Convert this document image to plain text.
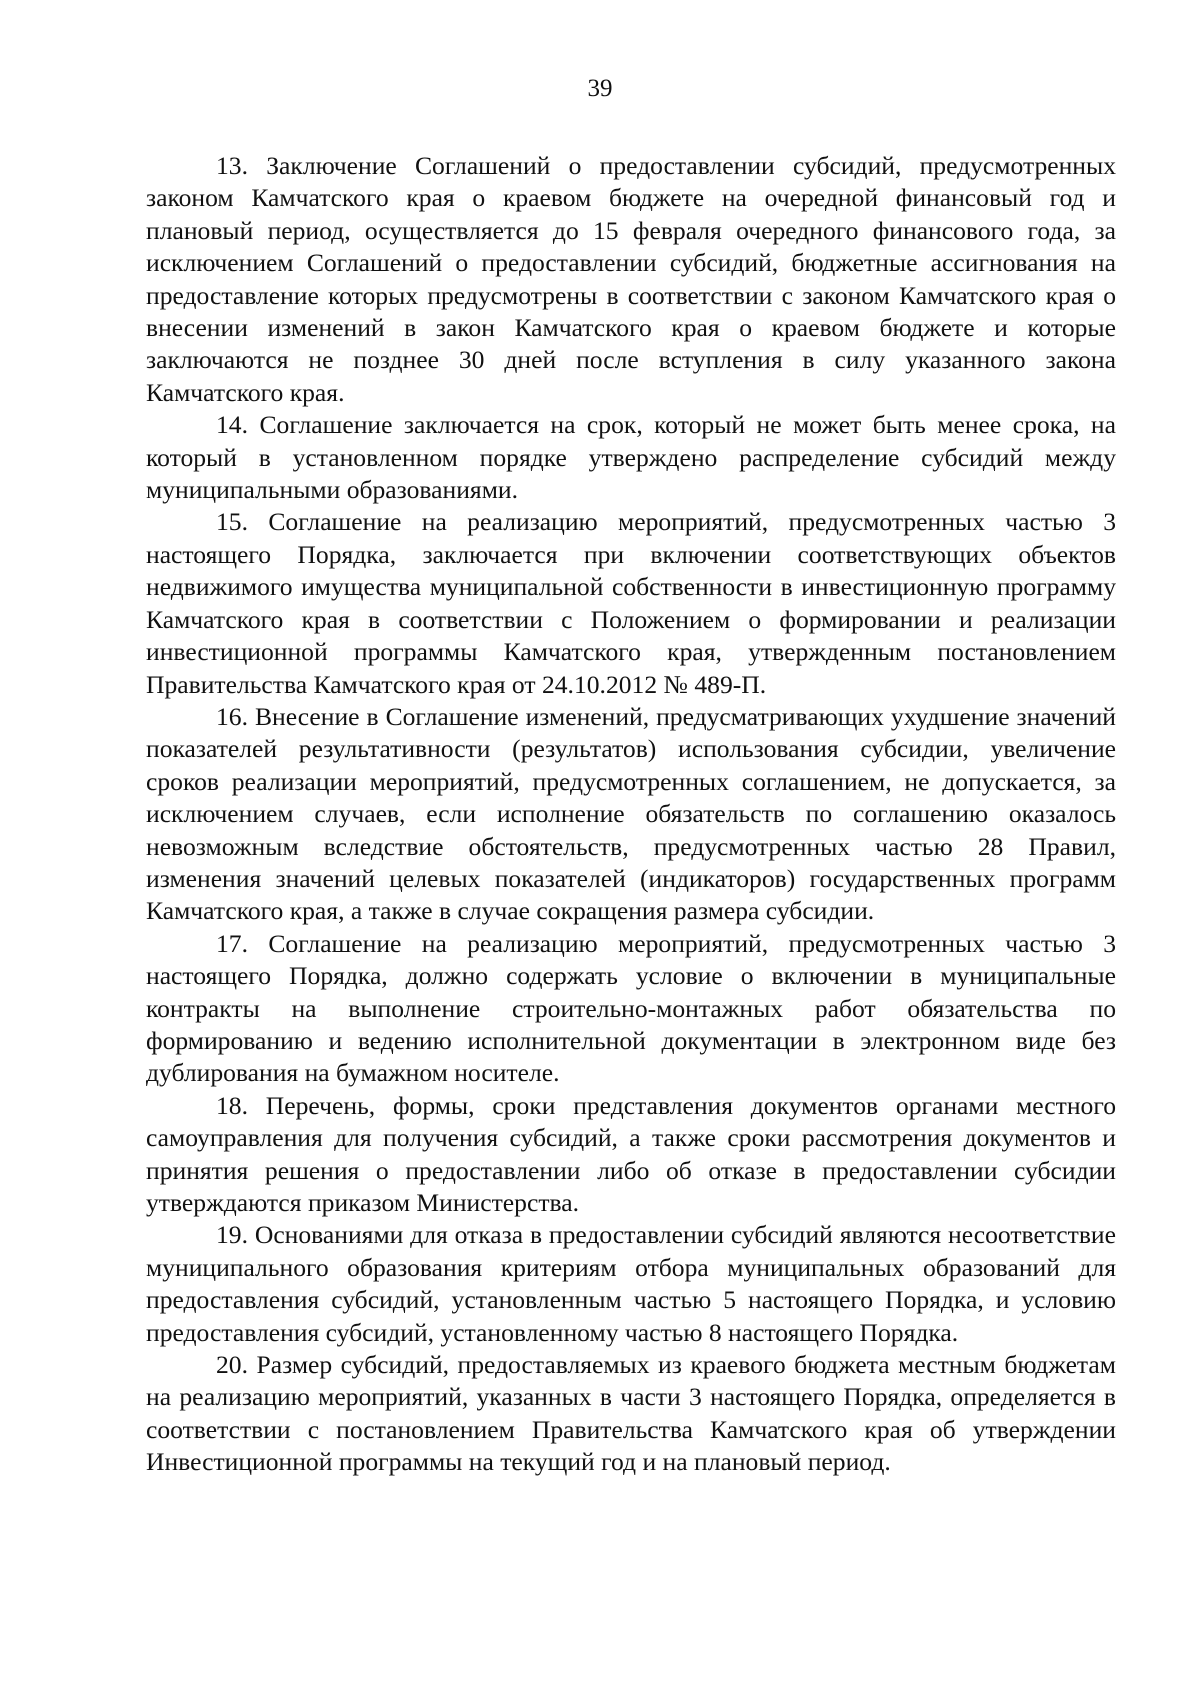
39

13. Заключение Соглашений о предоставлении субсидий, предусмотренных законом Камчатского края о краевом бюджете на очередной финансовый год и плановый период, осуществляется до 15 февраля очередного финансового года, за исключением Соглашений о предоставлении субсидий, бюджетные ассигнования на предоставление которых предусмотрены в соответствии с законом Камчатского края о внесении изменений в закон Камчатского края о краевом бюджете и которые заключаются не позднее 30 дней после вступления в силу указанного закона Камчатского края.

14. Соглашение заключается на срок, который не может быть менее срока, на который в установленном порядке утверждено распределение субсидий между муниципальными образованиями.

15. Соглашение на реализацию мероприятий, предусмотренных частью 3 настоящего Порядка, заключается при включении соответствующих объектов недвижимого имущества муниципальной собственности в инвестиционную программу Камчатского края в соответствии с Положением о формировании и реализации инвестиционной программы Камчатского края, утвержденным постановлением Правительства Камчатского края от 24.10.2012 № 489-П.

16. Внесение в Соглашение изменений, предусматривающих ухудшение значений показателей результативности (результатов) использования субсидии, увеличение сроков реализации мероприятий, предусмотренных соглашением, не допускается, за исключением случаев, если исполнение обязательств по соглашению оказалось невозможным вследствие обстоятельств, предусмотренных частью 28 Правил, изменения значений целевых показателей (индикаторов) государственных программ Камчатского края, а также в случае сокращения размера субсидии.

17. Соглашение на реализацию мероприятий, предусмотренных частью 3 настоящего Порядка, должно содержать условие о включении в муниципальные контракты на выполнение строительно-монтажных работ обязательства по формированию и ведению исполнительной документации в электронном виде без дублирования на бумажном носителе.

18. Перечень, формы, сроки представления документов органами местного самоуправления для получения субсидий, а также сроки рассмотрения документов и принятия решения о предоставлении либо об отказе в предоставлении субсидии утверждаются приказом Министерства.

19. Основаниями для отказа в предоставлении субсидий являются несоответствие муниципального образования критериям отбора муниципальных образований для предоставления субсидий, установленным частью 5 настоящего Порядка, и условию предоставления субсидий, установленному частью 8 настоящего Порядка.

20. Размер субсидий, предоставляемых из краевого бюджета местным бюджетам на реализацию мероприятий, указанных в части 3 настоящего Порядка, определяется в соответствии с постановлением Правительства Камчатского края об утверждении Инвестиционной программы на текущий год и на плановый период.
